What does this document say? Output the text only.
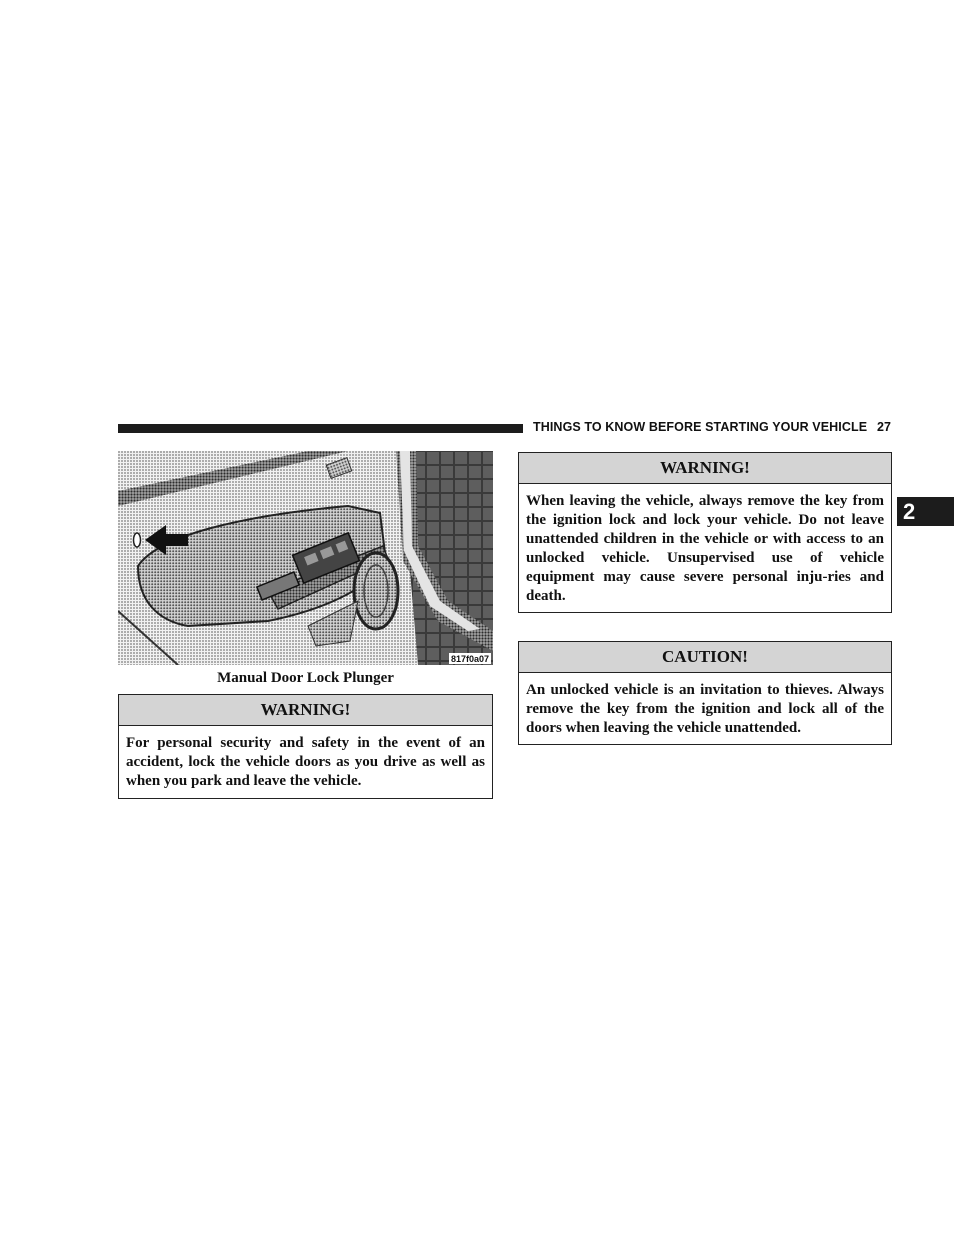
THINGS TO KNOW BEFORE STARTING YOUR VEHICLE 27
2
817f0a07
Manual Door Lock Plunger
WARNING!
For personal security and safety in the event of an accident, lock the vehicle doors as you drive as well as when you park and leave the vehicle.
WARNING!
When leaving the vehicle, always remove the key from the ignition lock and lock your vehicle. Do not leave unattended children in the vehicle or with access to an unlocked vehicle. Unsupervised use of vehicle equipment may cause severe personal inju-ries and death.
CAUTION!
An unlocked vehicle is an invitation to thieves. Always remove the key from the ignition and lock all of the doors when leaving the vehicle unattended.
